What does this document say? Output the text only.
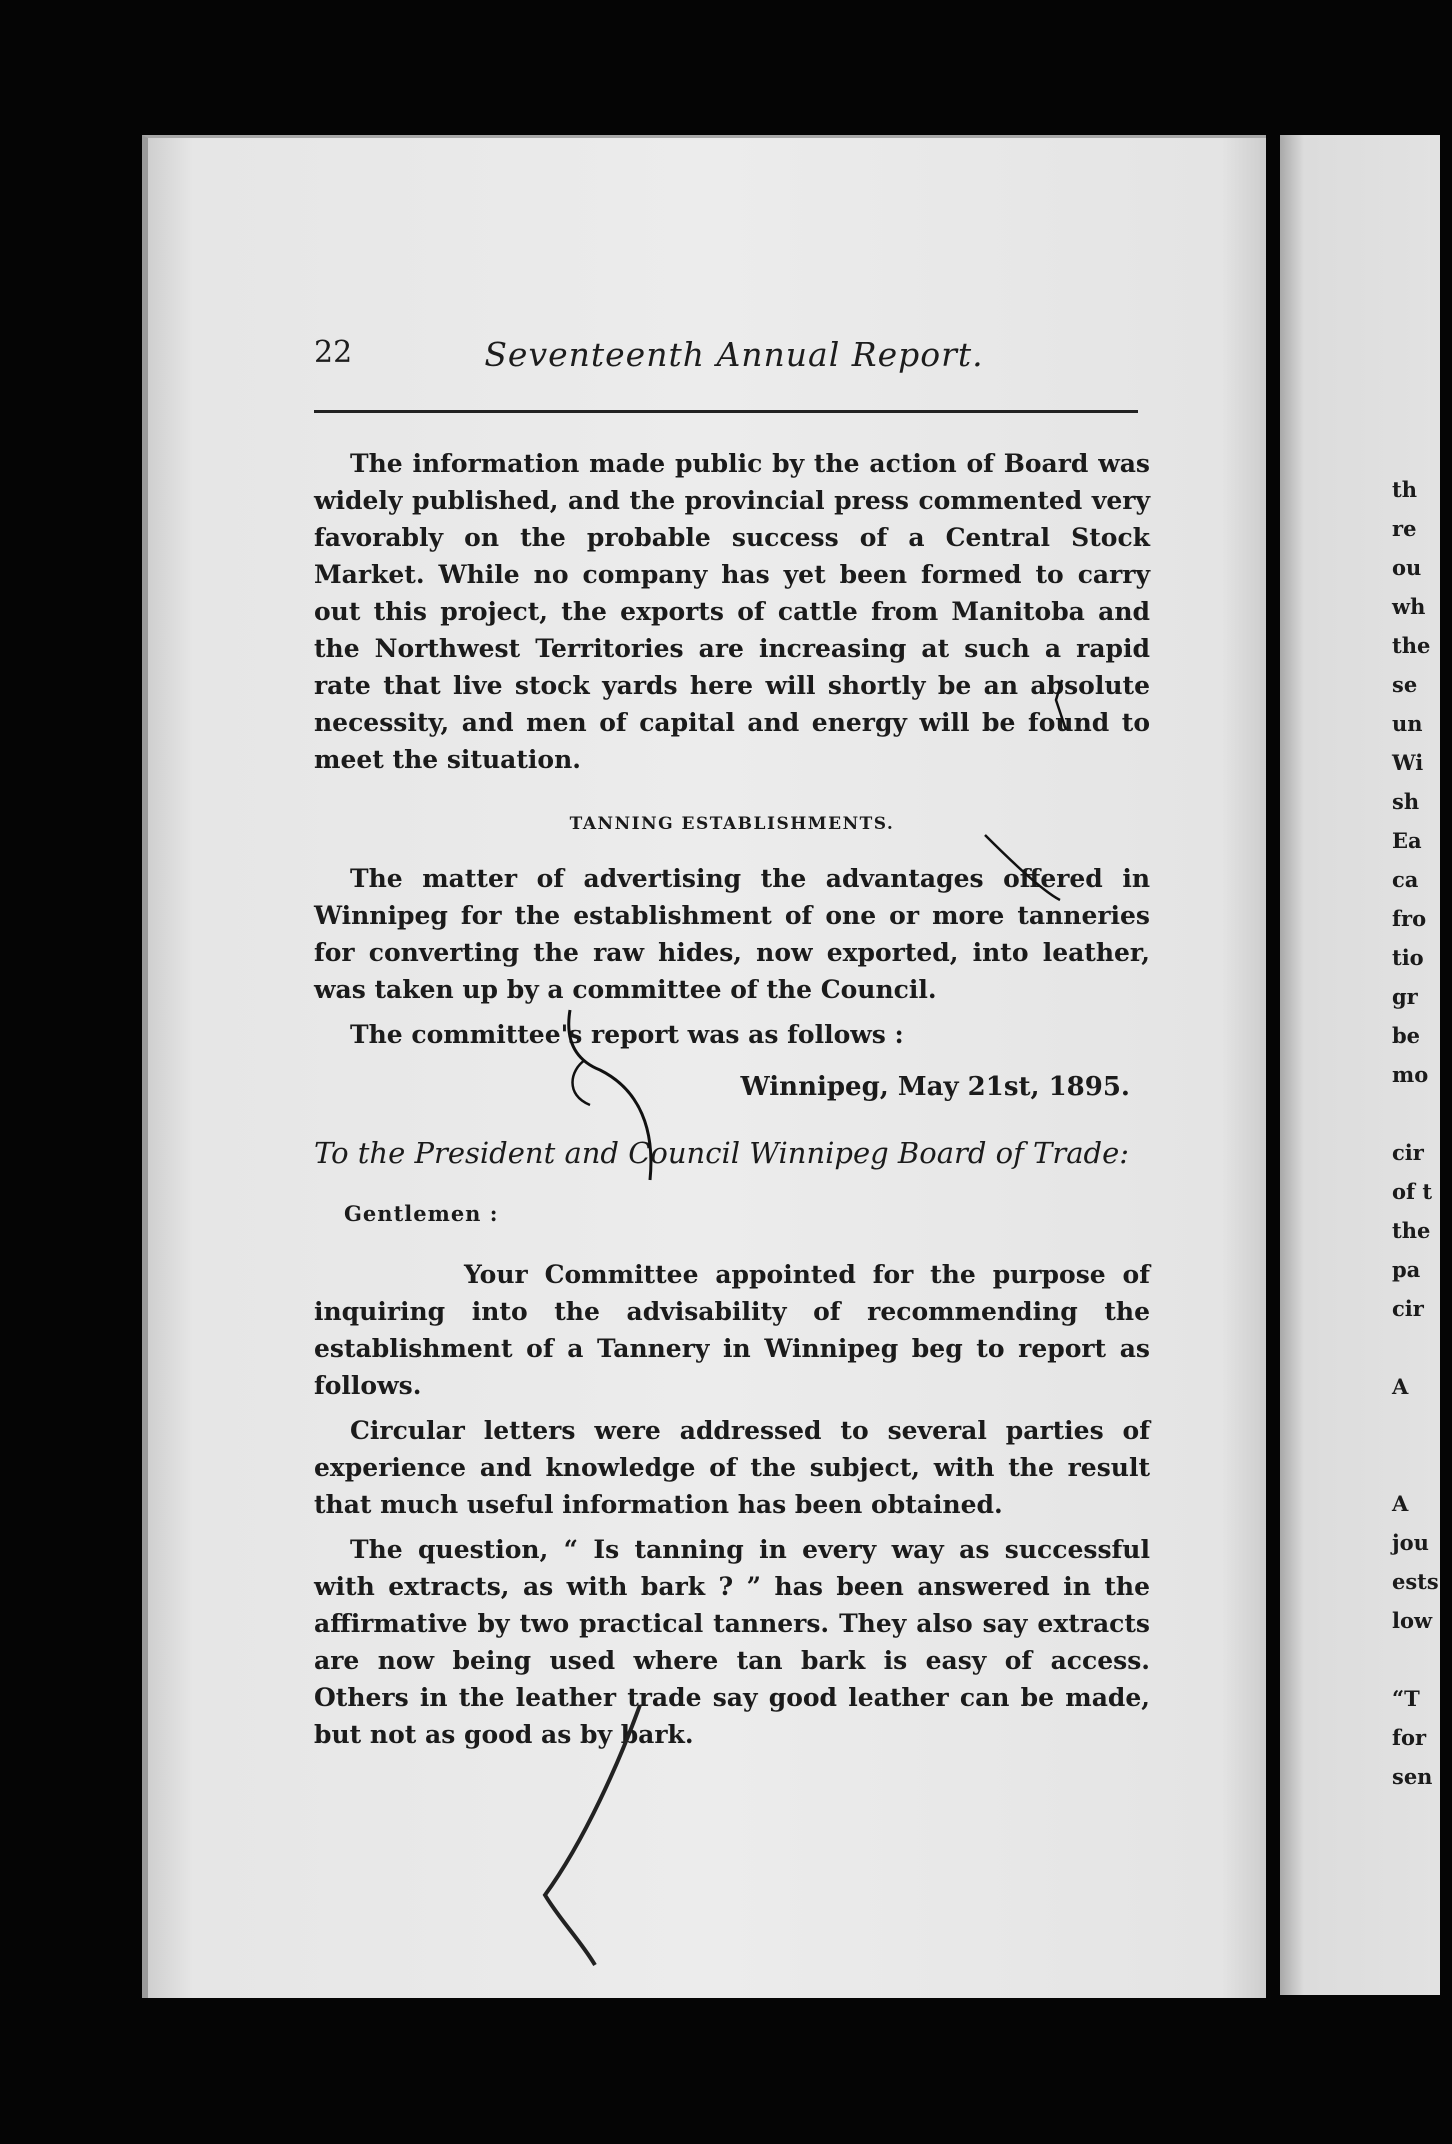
22	Seventeenth Annual Report.

The information made public by the action of Board was widely published, and the provincial press commented very favorably on the probable success of a Central Stock Market. While no company has yet been formed to carry out this project, the exports of cattle from Manitoba and the Northwest Territories are increasing at such a rapid rate that live stock yards here will shortly be an absolute necessity, and men of capital and energy will be found to meet the situation.

TANNING ESTABLISHMENTS.

The matter of advertising the advantages offered in Winnipeg for the establishment of one or more tanneries for converting the raw hides, now exported, into leather, was taken up by a committee of the Council.

The committee's report was as follows :

Winnipeg, May 21st, 1895.

To the President and Council Winnipeg Board of Trade:

Gentlemen :

Your Committee appointed for the purpose of inquiring into the advisability of recommending the establishment of a Tannery in Winnipeg beg to report as follows.

Circular letters were addressed to several parties of experience and knowledge of the subject, with the result that much useful information has been obtained.

The question, “ Is tanning in every way as successful with extracts, as with bark ? ” has been answered in the affirmative by two practical tanners. They also say extracts are now being used where tan bark is easy of access. Others in the leather trade say good leather can be made, but not as good as by bark.

th
re
ou
wh
the
se
un
Wi
sh
Ea
ca
fro
tio
gr
be
mo

cir
of t
the
pa
cir

A

A
jou
ests
low

“T
for
sen
